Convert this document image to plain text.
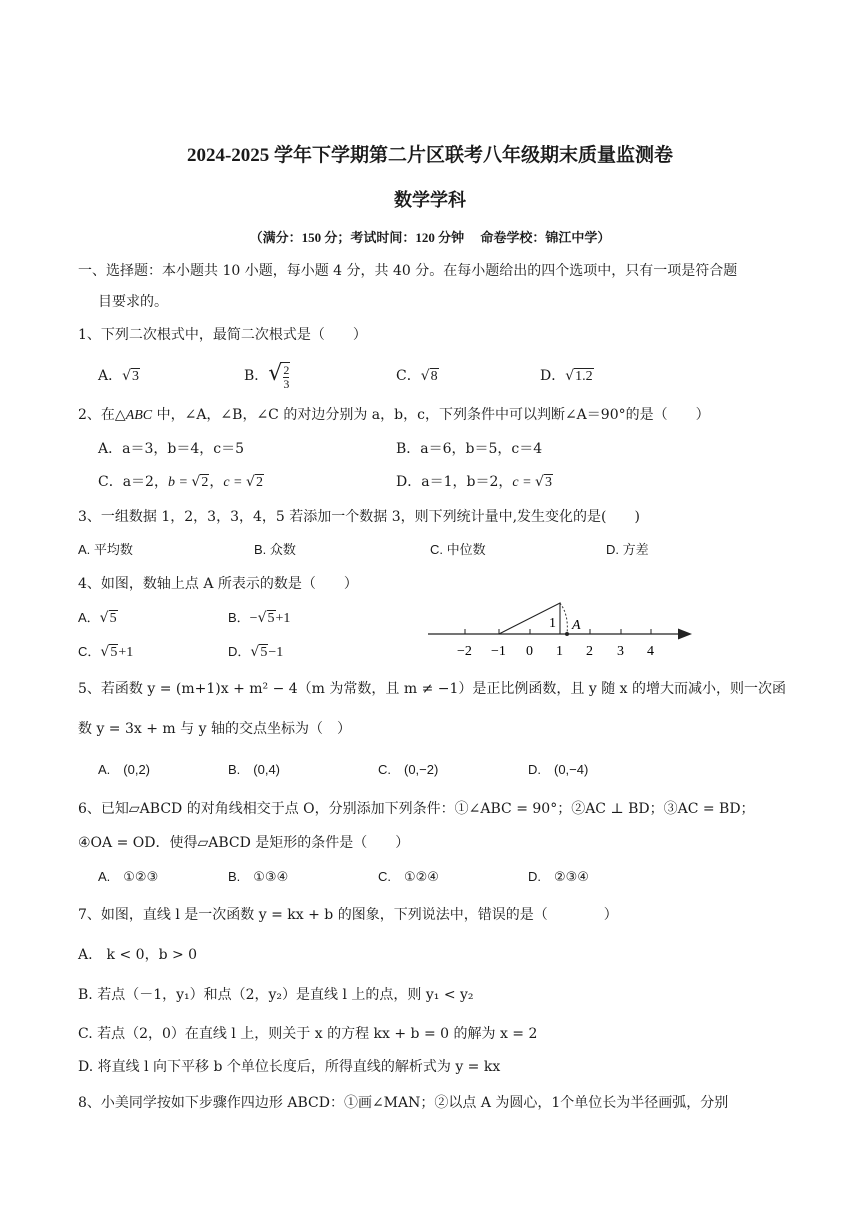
2024-2025 学年下学期第二片区联考八年级期末质量监测卷
数学学科
（满分：150 分；考试时间：120 分钟　 命卷学校：锦江中学）
一、选择题：本小题共 10 小题，每小题 4 分，共 40 分。在每小题给出的四个选项中，只有一项是符合题
目要求的。
1、下列二次根式中，最简二次根式是（　　）
A．√3	B．√ $\frac{2}{3}$	C．√8	D．√1.2
2、在△ABC 中，∠A，∠B，∠C 的对边分别为 a，b，c，下列条件中可以判断∠A＝90°的是（　　）
A．a＝3，b＝4，c＝5	B．a＝6，b＝5，c＝4
C．a＝2，b = √2，c = √2	D．a＝1，b＝2，c = √3
3、一组数据 1，2，3，3，4，5 若添加一个数据 3，则下列统计量中,发生变化的是(　　)
A. 平均数	B. 众数	C. 中位数	D. 方差
4、如图，数轴上点 A 所表示的数是（　　）
A．√5	B．−√5+1
C．√5+1	D．√5−1
1 A
−2 −1 0 1 2 3 4
5、若函数 y = (m+1)x + m² − 4（m 为常数，且 m ≠ −1）是正比例函数，且 y 随 x 的增大而减小，则一次函
数 y = 3x + m 与 y 轴的交点坐标为（　）
A.　(0,2)	B.　(0,4)	C.　(0,−2)	D.　(0,−4)
6、已知▱ABCD 的对角线相交于点 O，分别添加下列条件：①∠ABC = 90°；②AC ⊥ BD；③AC = BD；
④OA = OD．使得▱ABCD 是矩形的条件是（　　）
A.　①②③	B.　①③④	C.　①②④	D.　②③④
7、如图，直线 l 是一次函数 y = kx + b 的图象，下列说法中，错误的是（　　　　）
A.　k < 0，b > 0
B. 若点（－1，y₁）和点（2，y₂）是直线 l 上的点，则 y₁ < y₂
C. 若点（2，0）在直线 l 上，则关于 x 的方程 kx + b = 0 的解为 x = 2
D. 将直线 l 向下平移 b 个单位长度后，所得直线的解析式为 y = kx
8、小美同学按如下步骤作四边形 ABCD：①画∠MAN；②以点 A 为圆心，1个单位长为半径画弧，分别
